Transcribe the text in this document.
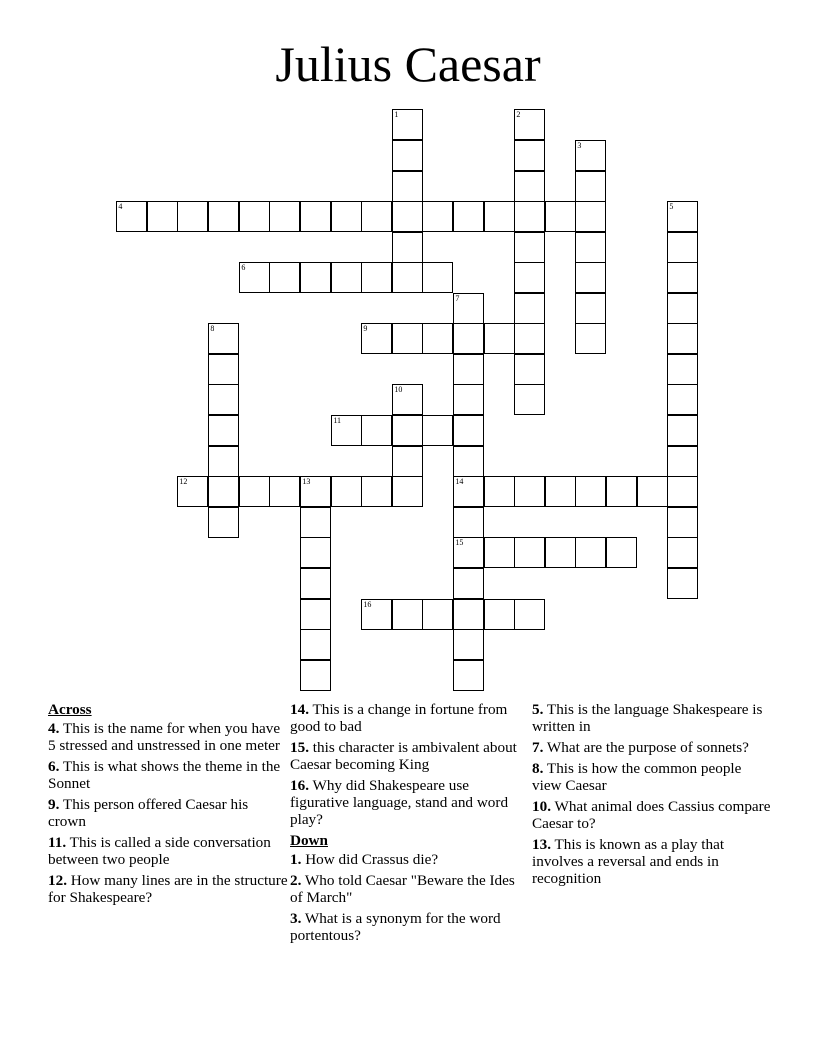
Julius Caesar
1	2
3
4	5
6
7
8	9
10
11
12	13	14
15
16
Across
4. This is the name for when you have 5 stressed and unstressed in one meter
6. This is what shows the theme in the Sonnet
9. This person offered Caesar his crown
11. This is called a side conversation between two people
12. How many lines are in the structure for Shakespeare?
14. This is a change in fortune from good to bad
15. this character is ambivalent about Caesar becoming King
16. Why did Shakespeare use figurative language, stand and word play?
Down
1. How did Crassus die?
2. Who told Caesar "Beware the Ides of March"
3. What is a synonym for the word portentous?
5. This is the language Shakespeare is written in
7. What are the purpose of sonnets?
8. This is how the common people view Caesar
10. What animal does Cassius compare Caesar to?
13. This is known as a play that involves a reversal and ends in recognition
